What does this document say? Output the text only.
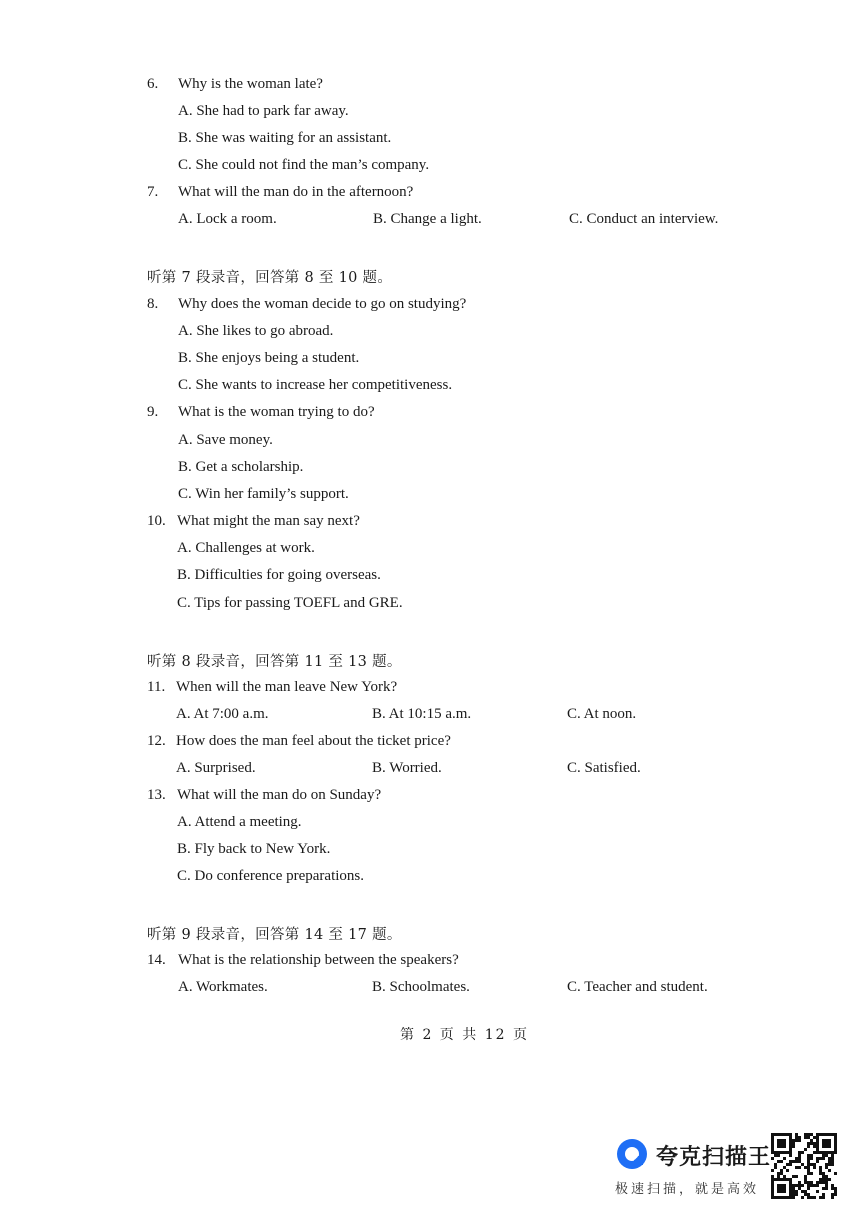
6. Why is the woman late?
A. She had to park far away.
B. She was waiting for an assistant.
C. She could not find the man’s company.
7. What will the man do in the afternoon?
A. Lock a room.	B. Change a light.	C. Conduct an interview.
听第 7 段录音，回答第 8 至 10 题。
8. Why does the woman decide to go on studying?
A. She likes to go abroad.
B. She enjoys being a student.
C. She wants to increase her competitiveness.
9. What is the woman trying to do?
A. Save money.
B. Get a scholarship.
C. Win her family’s support.
10. What might the man say next?
A. Challenges at work.
B. Difficulties for going overseas.
C. Tips for passing TOEFL and GRE.
听第 8 段录音，回答第 11 至 13 题。
11. When will the man leave New York?
A. At 7:00 a.m.	B. At 10:15 a.m.	C. At noon.
12. How does the man feel about the ticket price?
A. Surprised.	B. Worried.	C. Satisfied.
13. What will the man do on Sunday?
A. Attend a meeting.
B. Fly back to New York.
C. Do conference preparations.
听第 9 段录音，回答第 14 至 17 题。
14. What is the relationship between the speakers?
A. Workmates.	B. Schoolmates.	C. Teacher and student.
第 2 页 共 12 页
夸克扫描王
极速扫描，就是高效
